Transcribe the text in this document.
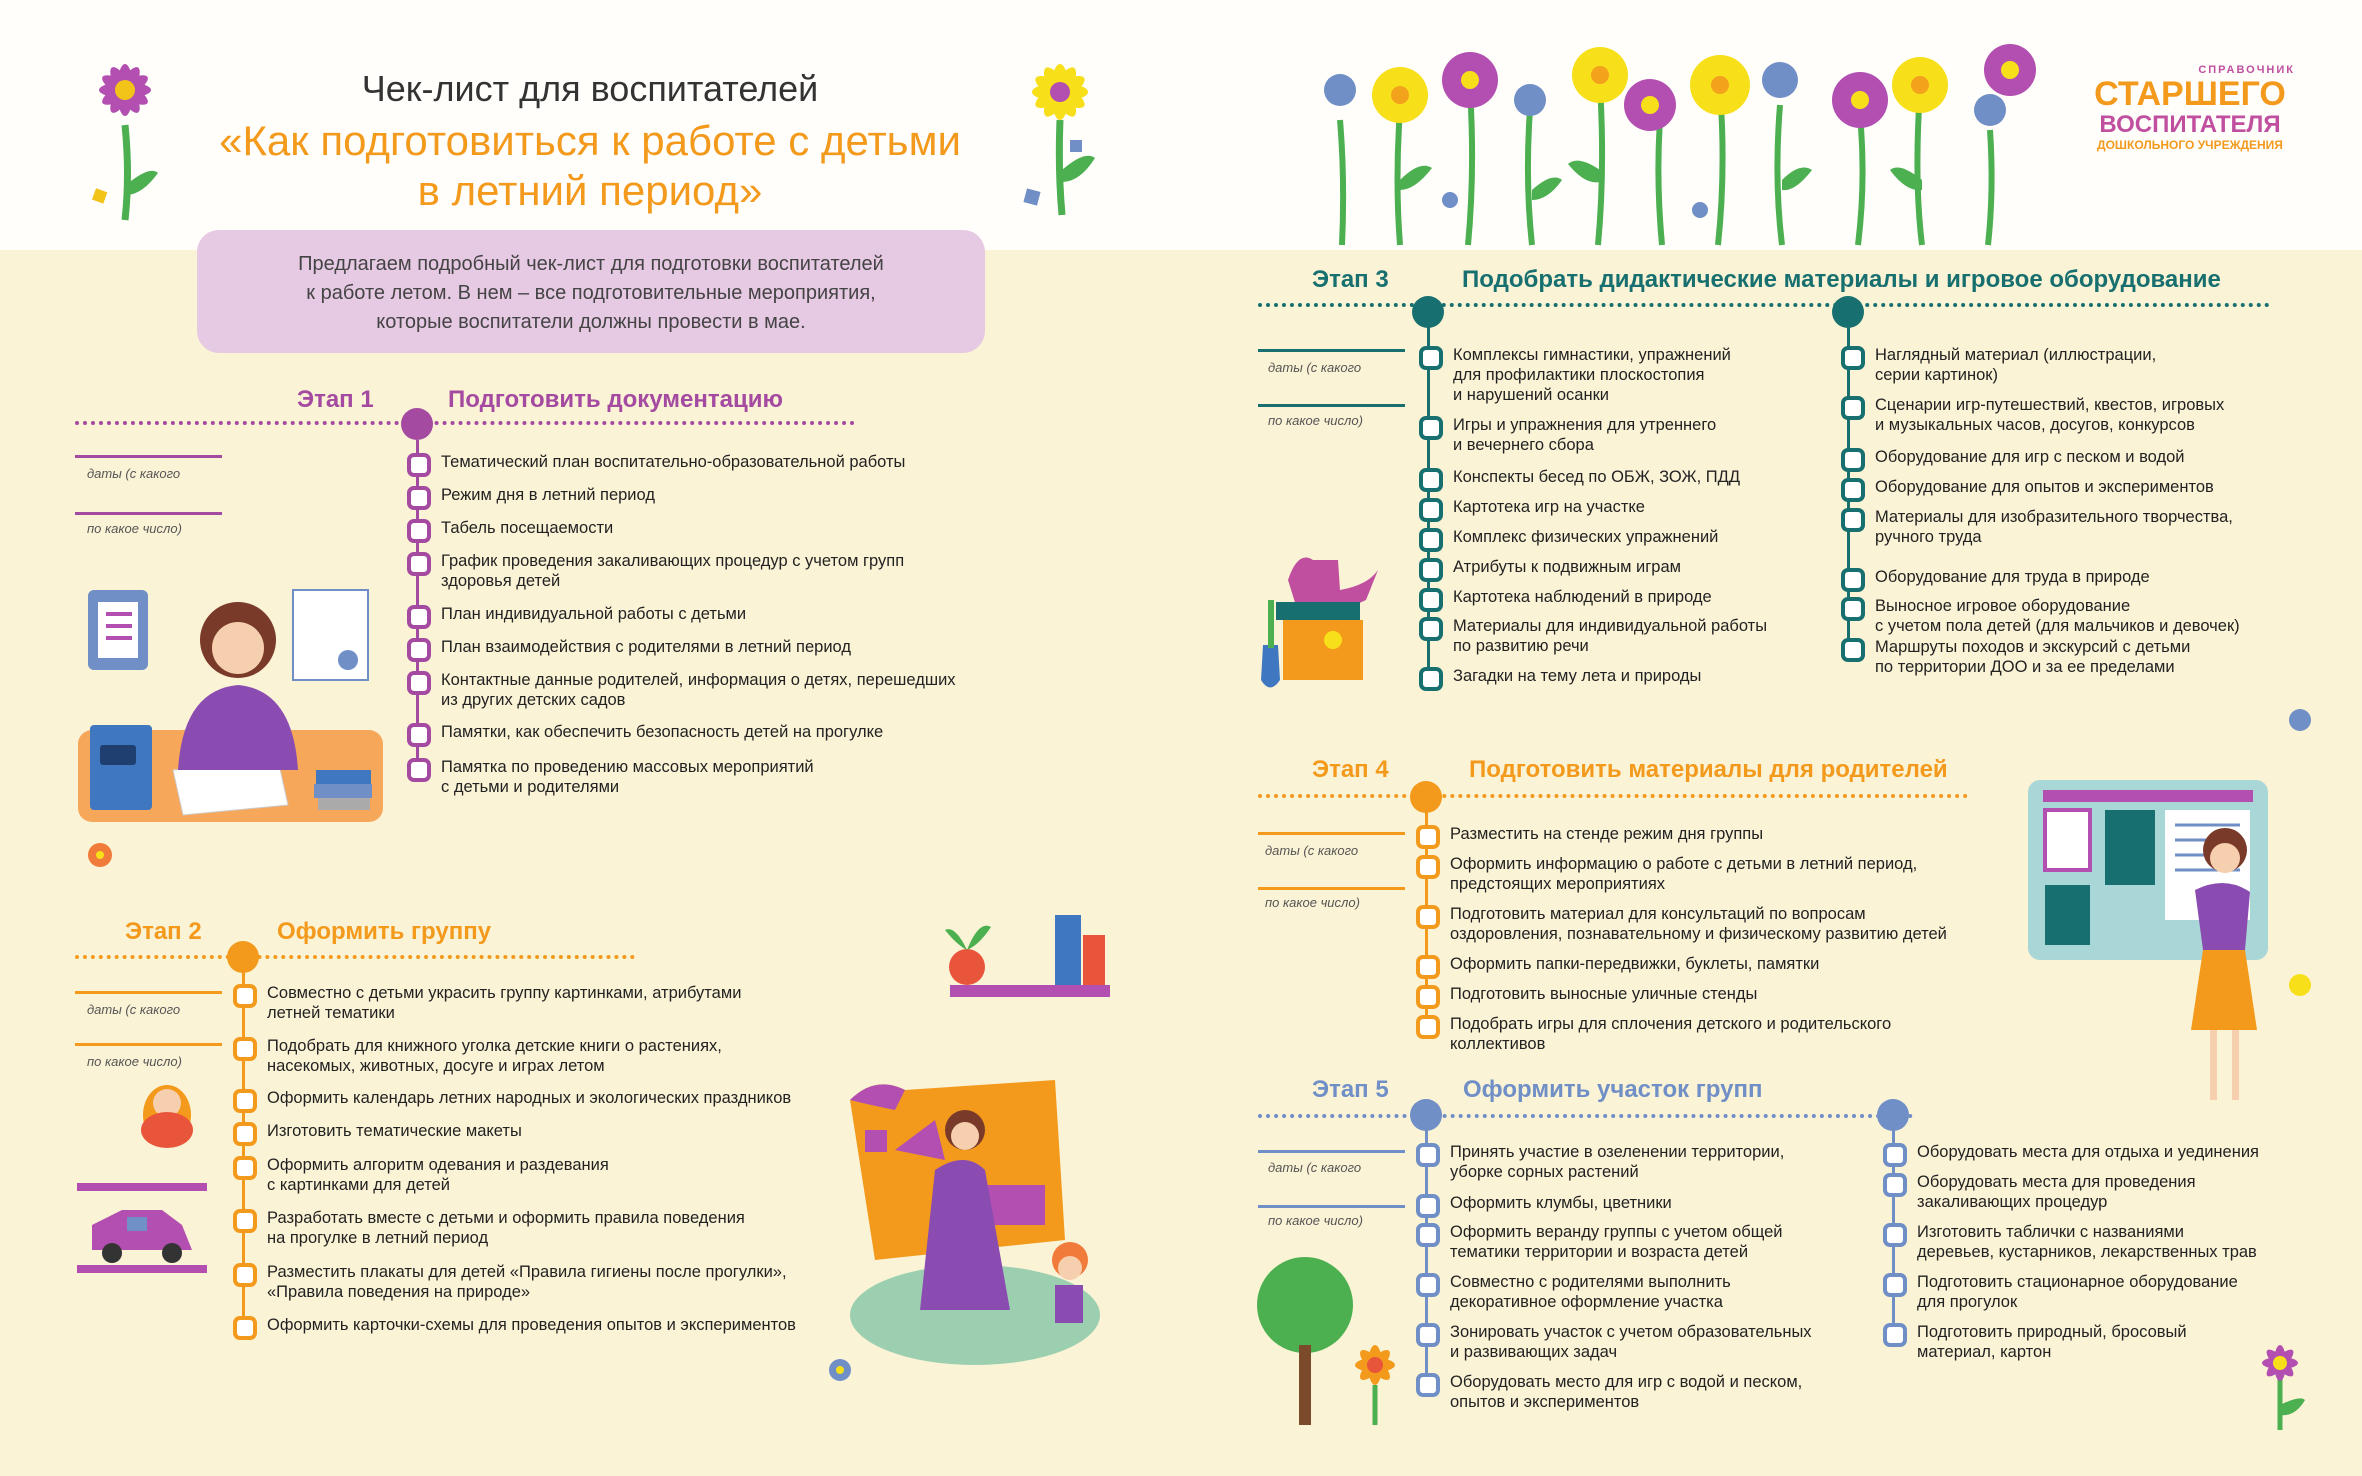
СПРАВОЧНИК
СТАРШЕГО
ВОСПИТАТЕЛЯ
ДОШКОЛЬНОГО УЧРЕЖДЕНИЯ
Чек-лист для воспитателей
«Как подготовиться к работе с детьми
в летний период»
Предлагаем подробный чек-лист для подготовки воспитателей
к работе летом. В нем – все подготовительные мероприятия,
которые воспитатели должны провести в мае.
Этап 1	Подготовить документацию
даты (с какого
по какое число)
Тематический план воспитательно-образовательной работы
Режим дня в летний период
Табель посещаемости
График проведения закаливающих процедур с учетом групп
здоровья детей
План индивидуальной работы с детьми
План взаимодействия с родителями в летний период
Контактные данные родителей, информация о детях, перешедших
из других детских садов
Памятки, как обеспечить безопасность детей на прогулке
Памятка по проведению массовых мероприятий
с детьми и родителями
Этап 2	Оформить группу
даты (с какого
по какое число)
Совместно с детьми украсить группу картинками, атрибутами
летней тематики
Подобрать для книжного уголка детские книги о растениях,
насекомых, животных, досуге и играх летом
Оформить календарь летних народных и экологических праздников
Изготовить тематические макеты
Оформить алгоритм одевания и раздевания
с картинками для детей
Разработать вместе с детьми и оформить правила поведения
на прогулке в летний период
Разместить плакаты для детей «Правила гигиены после прогулки»,
«Правила поведения на природе»
Оформить карточки-схемы для проведения опытов и экспериментов
Этап 3	Подобрать дидактические материалы и игровое оборудование
даты (с какого
по какое число)
Комплексы гимнастики, упражнений
для профилактики плоскостопия
и нарушений осанки
Игры и упражнения для утреннего
и вечернего сбора
Конспекты бесед по ОБЖ, ЗОЖ, ПДД
Картотека игр на участке
Комплекс физических упражнений
Атрибуты к подвижным играм
Картотека наблюдений в природе
Материалы для индивидуальной работы
по развитию речи
Загадки на тему лета и природы
Наглядный материал (иллюстрации,
серии картинок)
Сценарии игр-путешествий, квестов, игровых
и музыкальных часов, досугов, конкурсов
Оборудование для игр с песком и водой
Оборудование для опытов и экспериментов
Материалы для изобразительного творчества,
ручного труда
Оборудование для труда в природе
Выносное игровое оборудование
с учетом пола детей (для мальчиков и девочек)
Маршруты походов и экскурсий с детьми
по территории ДОО и за ее пределами
Этап 4	Подготовить материалы для родителей
даты (с какого
по какое число)
Разместить на стенде режим дня группы
Оформить информацию о работе с детьми в летний период,
предстоящих мероприятиях
Подготовить материал для консультаций по вопросам
оздоровления, познавательному и физическому развитию детей
Оформить папки-передвижки, буклеты, памятки
Подготовить выносные уличные стенды
Подобрать игры для сплочения детского и родительского
коллективов
Этап 5	Оформить участок групп
даты (с какого
по какое число)
Принять участие в озеленении территории,
уборке сорных растений
Оформить клумбы, цветники
Оформить веранду группы с учетом общей
тематики территории и возраста детей
Совместно с родителями выполнить
декоративное оформление участка
Зонировать участок с учетом образовательных
и развивающих задач
Оборудовать место для игр с водой и песком,
опытов и экспериментов
Оборудовать места для отдыха и уединения
Оборудовать места для проведения
закаливающих процедур
Изготовить таблички с названиями
деревьев, кустарников, лекарственных трав
Подготовить стационарное оборудование
для прогулок
Подготовить природный, бросовый
материал, картон
